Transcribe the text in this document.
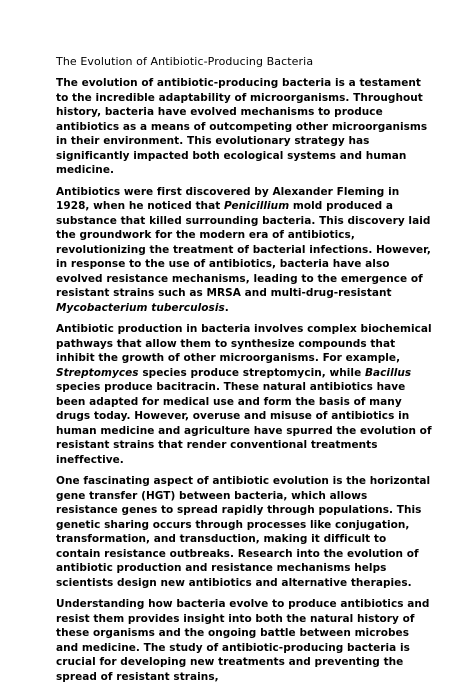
The Evolution of Antibiotic-Producing Bacteria

The evolution of antibiotic-producing bacteria is a testament to the incredible adaptability of microorganisms. Throughout history, bacteria have evolved mechanisms to produce antibiotics as a means of outcompeting other microorganisms in their environment. This evolutionary strategy has significantly impacted both ecological systems and human medicine.

Antibiotics were first discovered by Alexander Fleming in 1928, when he noticed that Penicillium mold produced a substance that killed surrounding bacteria. This discovery laid the groundwork for the modern era of antibiotics, revolutionizing the treatment of bacterial infections. However, in response to the use of antibiotics, bacteria have also evolved resistance mechanisms, leading to the emergence of resistant strains such as MRSA and multi-drug-resistant Mycobacterium tuberculosis.

Antibiotic production in bacteria involves complex biochemical pathways that allow them to synthesize compounds that inhibit the growth of other microorganisms. For example, Streptomyces species produce streptomycin, while Bacillus species produce bacitracin. These natural antibiotics have been adapted for medical use and form the basis of many drugs today. However, overuse and misuse of antibiotics in human medicine and agriculture have spurred the evolution of resistant strains that render conventional treatments ineffective.

One fascinating aspect of antibiotic evolution is the horizontal gene transfer (HGT) between bacteria, which allows resistance genes to spread rapidly through populations. This genetic sharing occurs through processes like conjugation, transformation, and transduction, making it difficult to contain resistance outbreaks. Research into the evolution of antibiotic production and resistance mechanisms helps scientists design new antibiotics and alternative therapies.

Understanding how bacteria evolve to produce antibiotics and resist them provides insight into both the natural history of these organisms and the ongoing battle between microbes and medicine. The study of antibiotic-producing bacteria is crucial for developing new treatments and preventing the spread of resistant strains,
